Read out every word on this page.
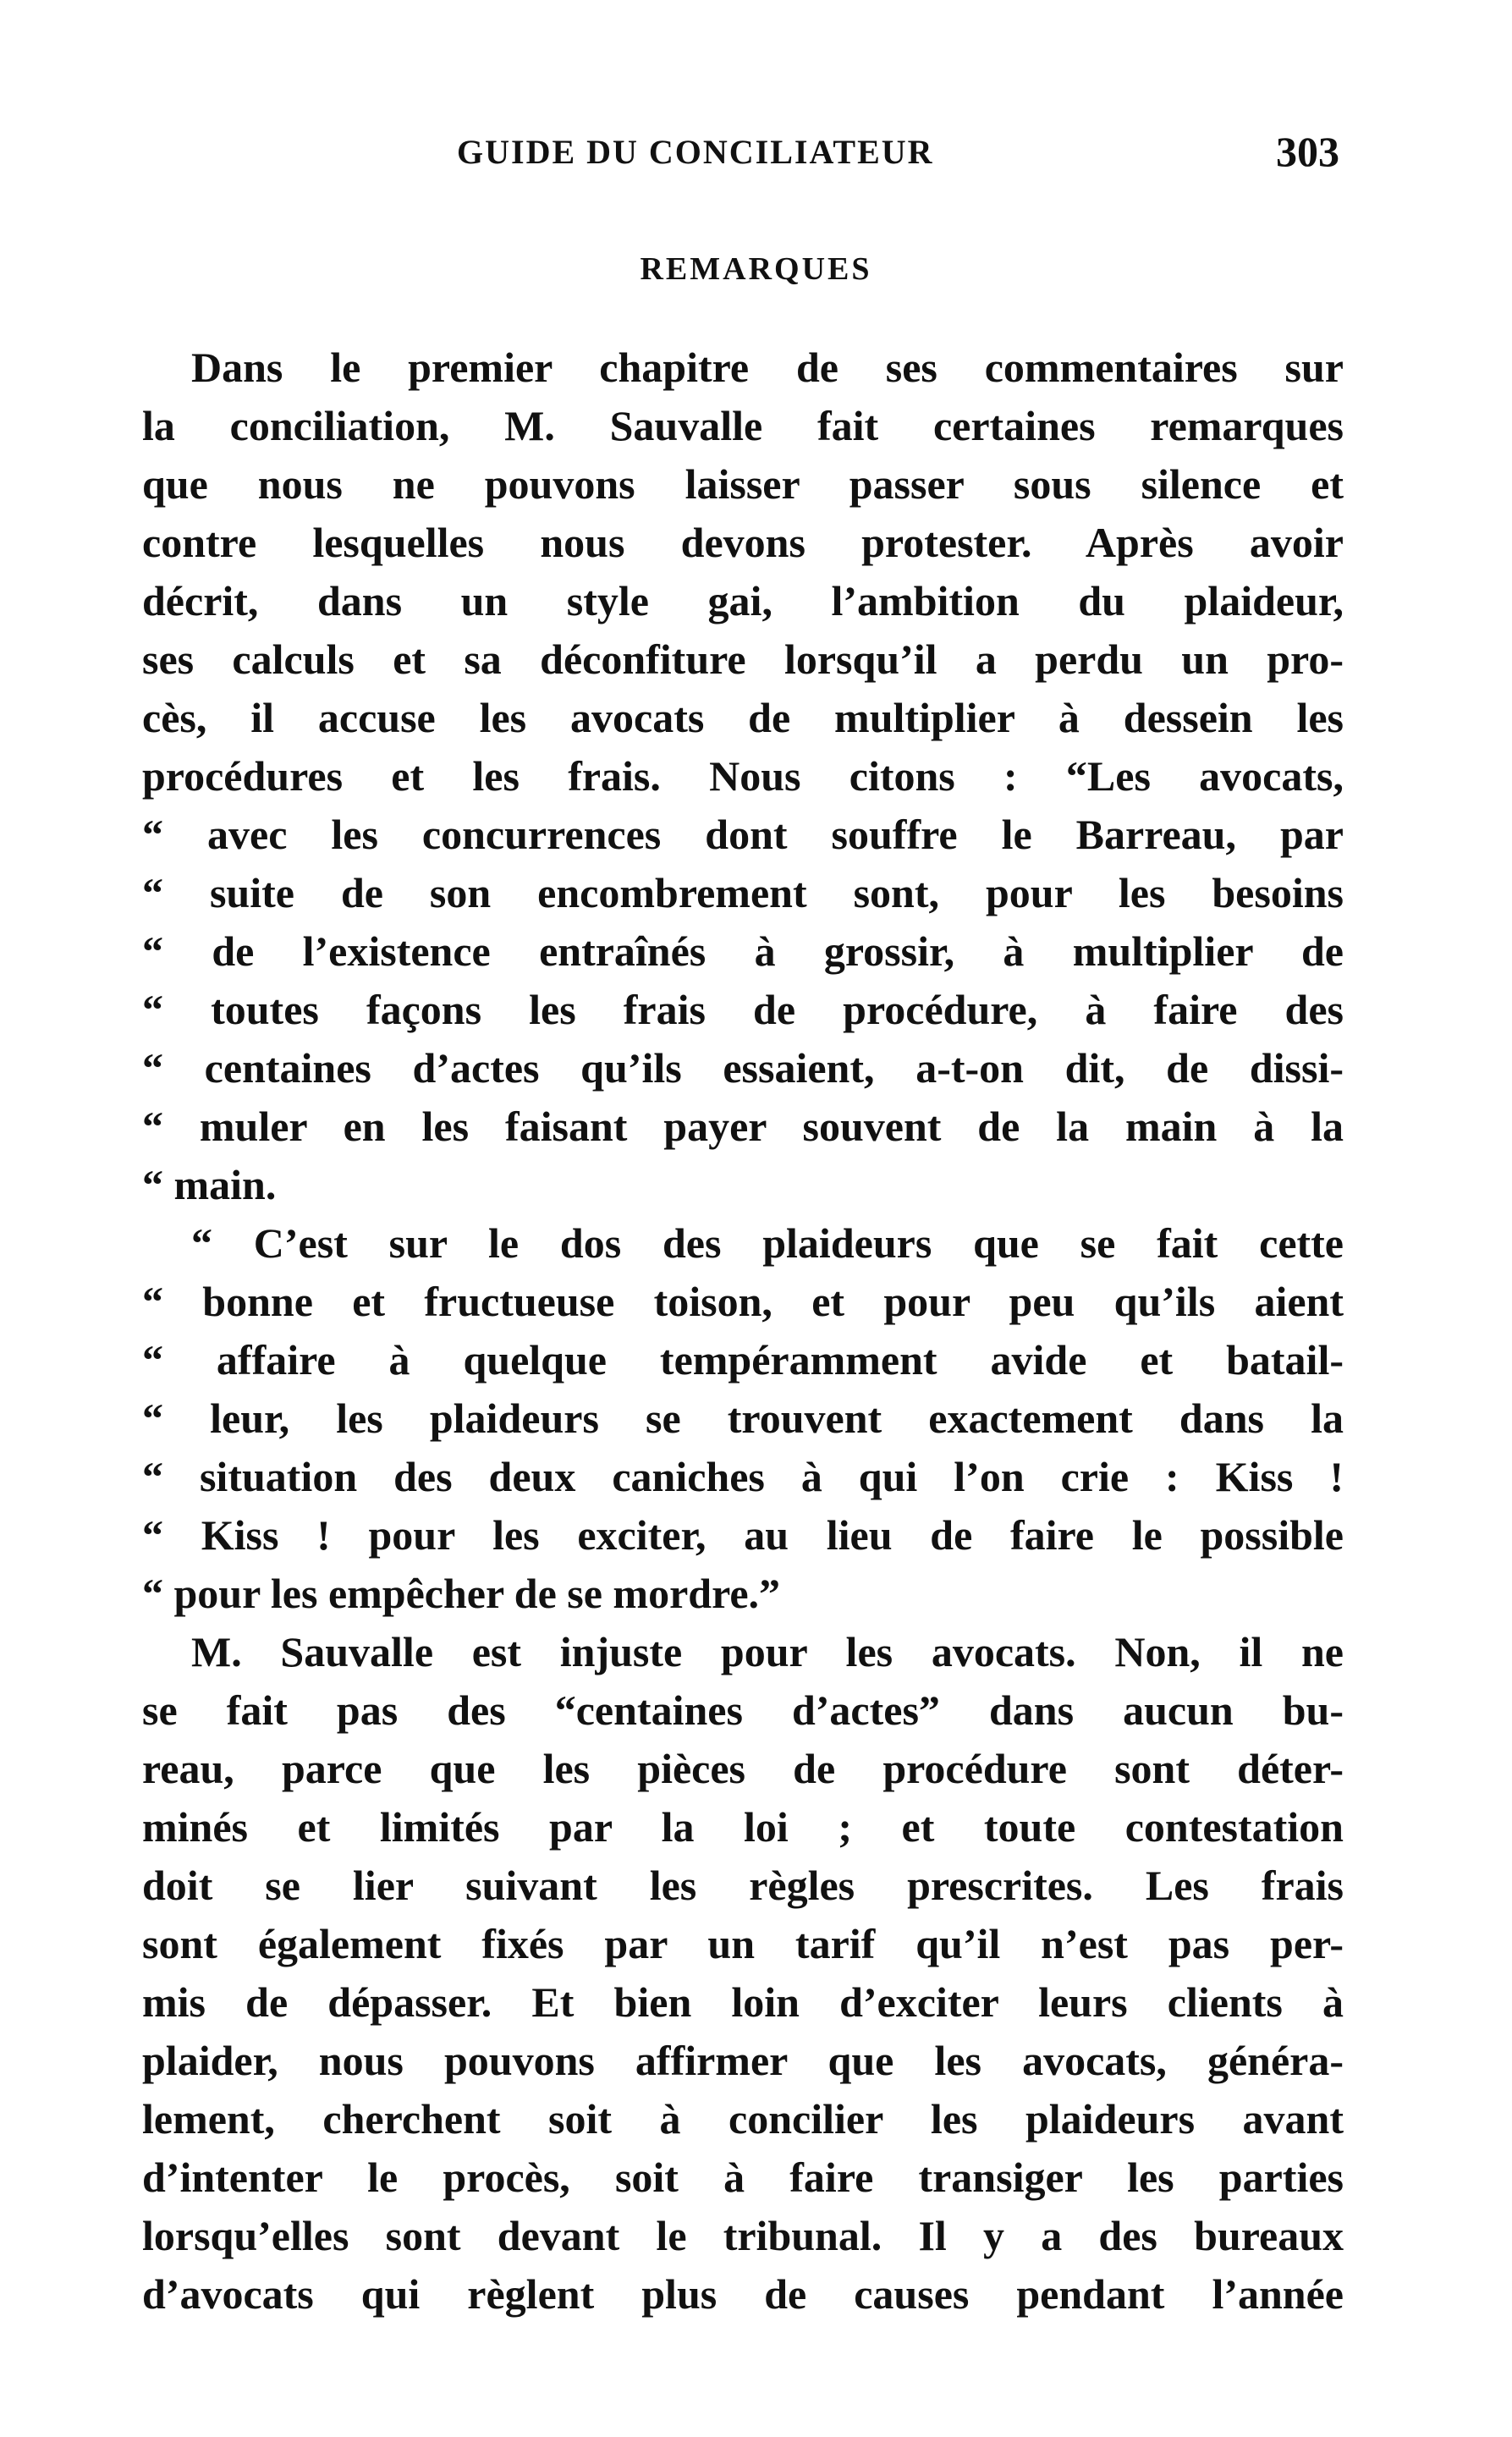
GUIDE DU CONCILIATEUR	303
REMARQUES
Dans le premier chapitre de ses commentaires sur
la conciliation, M. Sauvalle fait certaines remarques
que nous ne pouvons laisser passer sous silence et
contre lesquelles nous devons protester. Après avoir
décrit, dans un style gai, l’ambition du plaideur,
ses calculs et sa déconfiture lorsqu’il a perdu un pro-
cès, il accuse les avocats de multiplier à dessein les
procédures et les frais. Nous citons : “Les avocats,
“ avec les concurrences dont souffre le Barreau, par
“ suite de son encombrement sont, pour les besoins
“ de l’existence entraînés à grossir, à multiplier de
“ toutes façons les frais de procédure, à faire des
“ centaines d’actes qu’ils essaient, a-t-on dit, de dissi-
“ muler en les faisant payer souvent de la main à la
“ main.
“ C’est sur le dos des plaideurs que se fait cette
“ bonne et fructueuse toison, et pour peu qu’ils aient
“ affaire à quelque tempéramment avide et batail-
“ leur, les plaideurs se trouvent exactement dans la
“ situation des deux caniches à qui l’on crie : Kiss !
“ Kiss ! pour les exciter, au lieu de faire le possible
“ pour les empêcher de se mordre.”
M. Sauvalle est injuste pour les avocats. Non, il ne
se fait pas des “centaines d’actes” dans aucun bu-
reau, parce que les pièces de procédure sont déter-
minés et limités par la loi ; et toute contestation
doit se lier suivant les règles prescrites. Les frais
sont également fixés par un tarif qu’il n’est pas per-
mis de dépasser. Et bien loin d’exciter leurs clients à
plaider, nous pouvons affirmer que les avocats, généra-
lement, cherchent soit à concilier les plaideurs avant
d’intenter le procès, soit à faire transiger les parties
lorsqu’elles sont devant le tribunal. Il y a des bureaux
d’avocats qui règlent plus de causes pendant l’année
